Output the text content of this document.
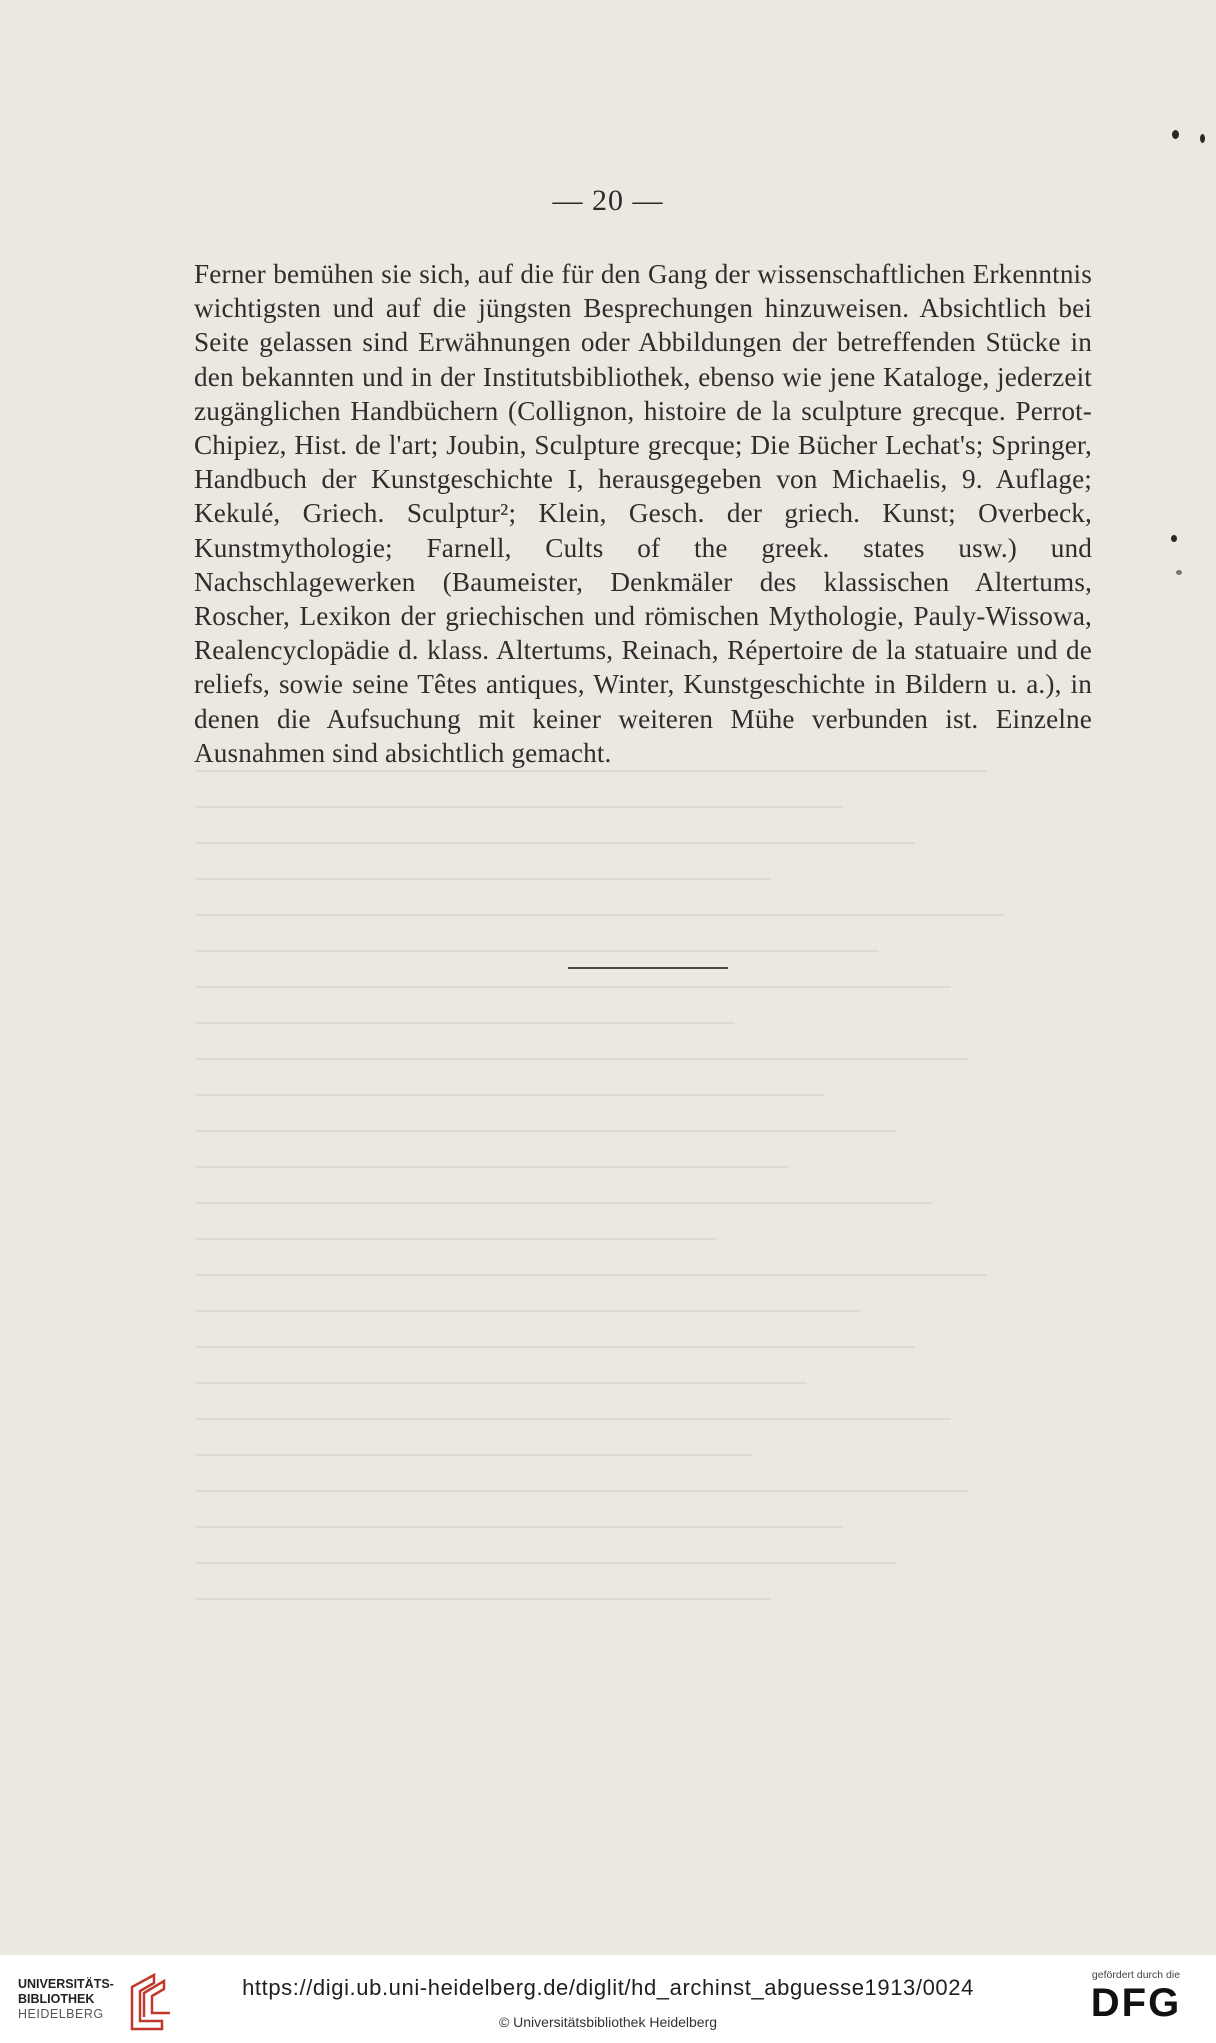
— 20 —
Ferner bemühen sie sich, auf die für den Gang der wissenschaftlichen Erkenntnis wichtigsten und auf die jüngsten Besprechungen hinzuweisen. Absichtlich bei Seite gelassen sind Erwähnungen oder Abbildungen der betreffenden Stücke in den bekannten und in der Institutsbibliothek, ebenso wie jene Kataloge, jederzeit zugänglichen Handbüchern (Collignon, histoire de la sculpture grecque. Perrot-Chipiez, Hist. de l'art; Joubin, Sculpture grecque; Die Bücher Lechat's; Springer, Handbuch der Kunstgeschichte I, herausgegeben von Michaelis, 9. Auflage; Kekulé, Griech. Sculptur²; Klein, Gesch. der griech. Kunst; Overbeck, Kunstmythologie; Farnell, Cults of the greek. states usw.) und Nachschlagewerken (Baumeister, Denkmäler des klassischen Altertums, Roscher, Lexikon der griechischen und römischen Mythologie, Pauly-Wissowa, Realencyclopädie d. klass. Altertums, Reinach, Répertoire de la statuaire und de reliefs, sowie seine Têtes antiques, Winter, Kunstgeschichte in Bildern u. a.), in denen die Aufsuchung mit keiner weiteren Mühe verbunden ist. Einzelne Ausnahmen sind absichtlich gemacht.
UNIVERSITÄTS-
BIBLIOTHEK
HEIDELBERG
https://digi.ub.uni-heidelberg.de/diglit/hd_archinst_abguesse1913/0024
© Universitätsbibliothek Heidelberg
gefördert durch die
DFG
